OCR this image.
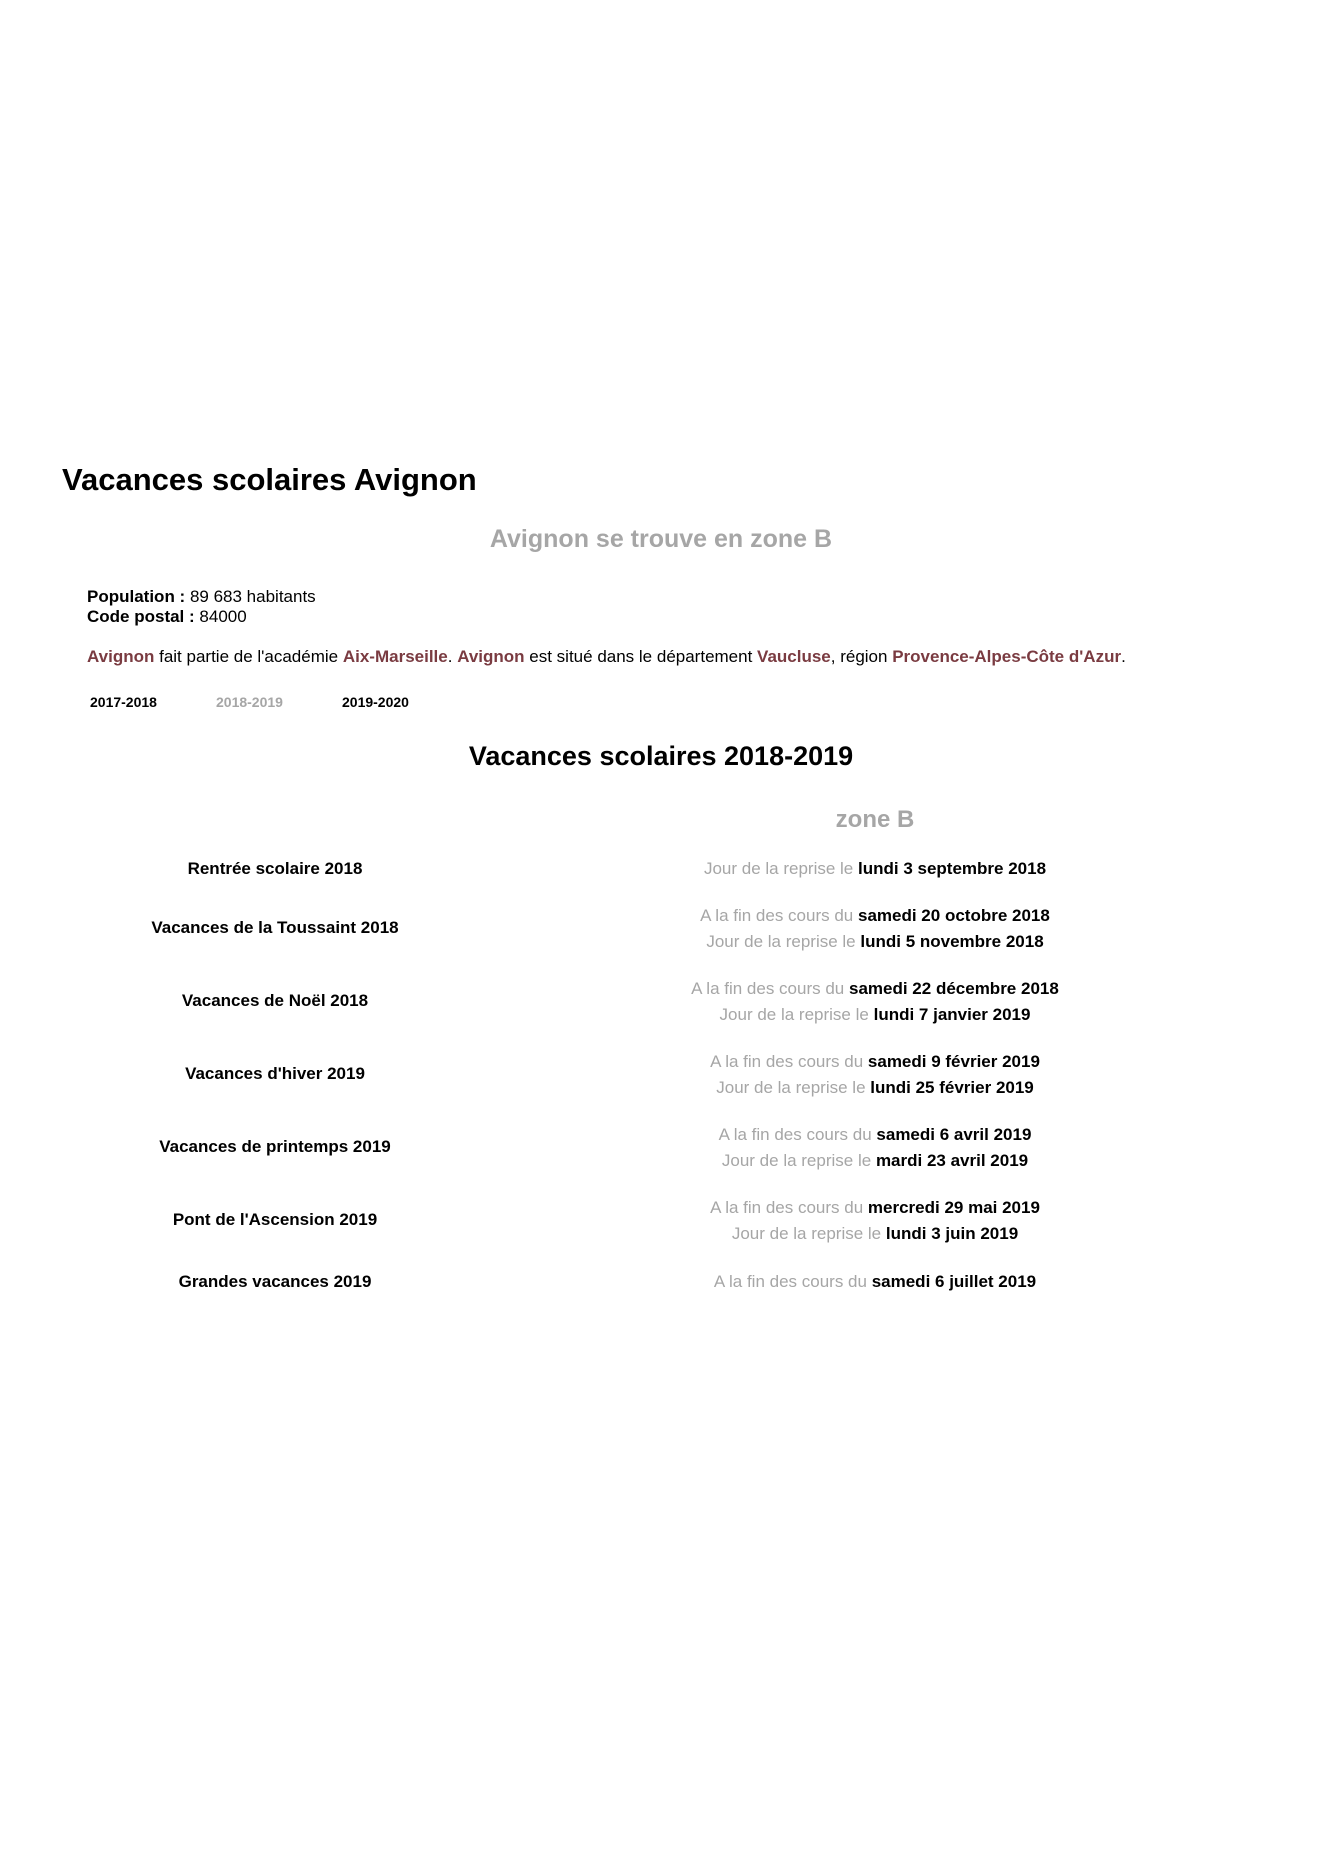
Vacances scolaires Avignon
Avignon se trouve en zone B
Population : 89 683 habitants
Code postal : 84000
Avignon fait partie de l'académie Aix-Marseille. Avignon est situé dans le département Vaucluse, région Provence-Alpes-Côte d'Azur.
2017-2018	2018-2019	2019-2020
Vacances scolaires 2018-2019
zone B
Rentrée scolaire 2018	Jour de la reprise le lundi 3 septembre 2018
Vacances de la Toussaint 2018
A la fin des cours du samedi 20 octobre 2018
Jour de la reprise le lundi 5 novembre 2018
Vacances de Noël 2018
A la fin des cours du samedi 22 décembre 2018
Jour de la reprise le lundi 7 janvier 2019
Vacances d'hiver 2019
A la fin des cours du samedi 9 février 2019
Jour de la reprise le lundi 25 février 2019
Vacances de printemps 2019
A la fin des cours du samedi 6 avril 2019
Jour de la reprise le mardi 23 avril 2019
Pont de l'Ascension 2019
A la fin des cours du mercredi 29 mai 2019
Jour de la reprise le lundi 3 juin 2019
Grandes vacances 2019	A la fin des cours du samedi 6 juillet 2019
